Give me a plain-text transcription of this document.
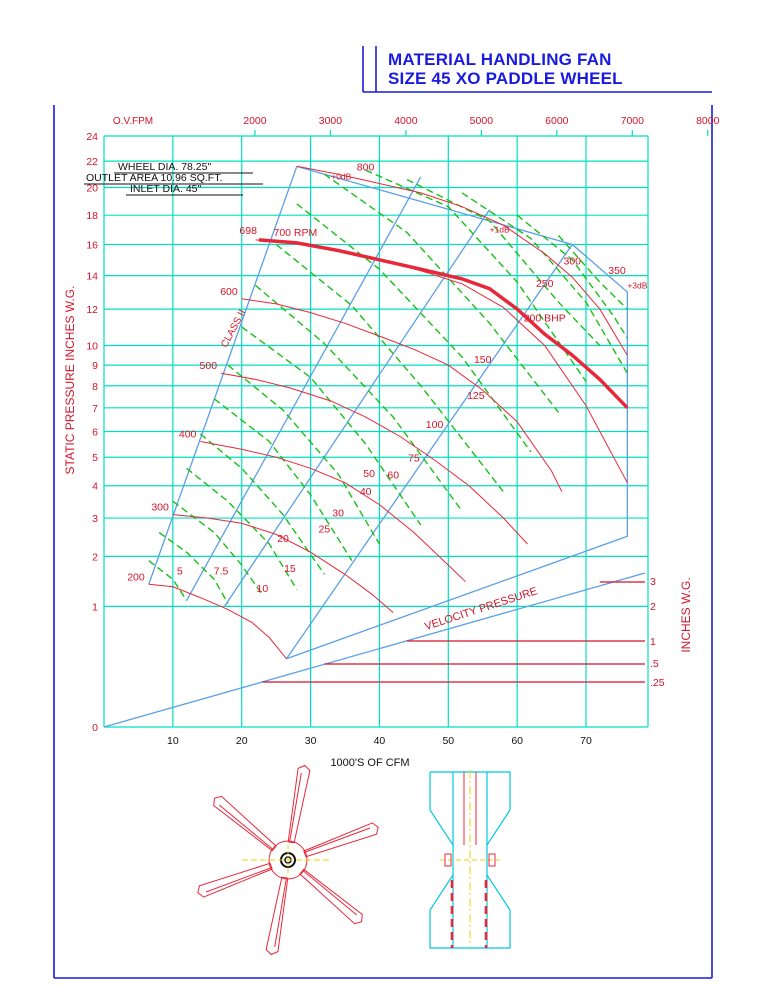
0
1
2
3
4
5
6
7
8
9
10
12
14
16
18
20
22
24
10	20	30	40	50	60	70
2000	3000	4000	5000	6000	7000	8000
.25
.5
1
2
3
200
300
400
500
600
700 RPM
800
698
5	7.5
10
15
20
25
30
40
50 60
75
100
125
150
200 BHP
250
300
350
+0dB
+1dB
+3dB
WHEEL DIA. 78.25"
OUTLET AREA 10.96 SQ.FT.
INLET DIA. 45"
1000'S OF CFM
STATIC PRESSURE INCHES W.G.
INCHES W.G.
O.V.FPM
VELOCITY PRESSURE
CLASS II
MATERIAL HANDLING FAN
SIZE 45 XO PADDLE WHEEL
